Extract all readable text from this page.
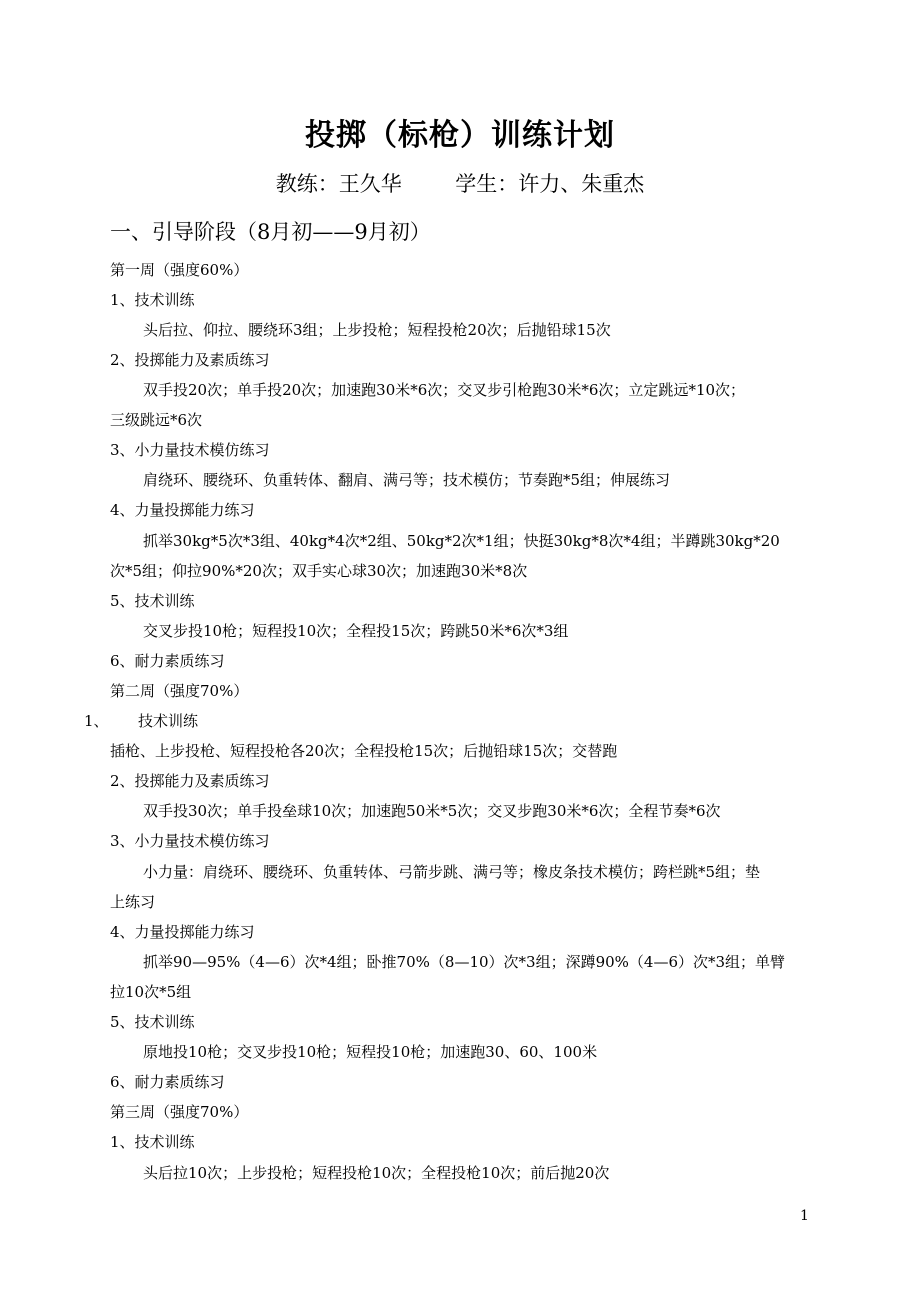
投掷（标枪）训练计划
教练：王久华        学生：许力、朱重杰
一、引导阶段（8月初——9月初）
第一周（强度60%）
1、技术训练
头后拉、仰拉、腰绕环3组；上步投枪；短程投枪20次；后抛铅球15次
2、投掷能力及素质练习
双手投20次；单手投20次；加速跑30米*6次；交叉步引枪跑30米*6次；立定跳远*10次；
三级跳远*6次
3、小力量技术模仿练习
肩绕环、腰绕环、负重转体、翻肩、满弓等；技术模仿；节奏跑*5组；伸展练习
4、力量投掷能力练习
抓举30kg*5次*3组、40kg*4次*2组、50kg*2次*1组；快挺30kg*8次*4组；半蹲跳30kg*20
次*5组；仰拉90%*20次；双手实心球30次；加速跑30米*8次
5、技术训练
交叉步投10枪；短程投10次；全程投15次；跨跳50米*6次*3组
6、耐力素质练习
第二周（强度70%）
1、 技术训练
插枪、上步投枪、短程投枪各20次；全程投枪15次；后抛铅球15次；交替跑
2、投掷能力及素质练习
双手投30次；单手投垒球10次；加速跑50米*5次；交叉步跑30米*6次；全程节奏*6次
3、小力量技术模仿练习
小力量：肩绕环、腰绕环、负重转体、弓箭步跳、满弓等；橡皮条技术模仿；跨栏跳*5组；垫
上练习
4、力量投掷能力练习
抓举90—95%（4—6）次*4组；卧推70%（8—10）次*3组；深蹲90%（4—6）次*3组；单臂
拉10次*5组
5、技术训练
原地投10枪；交叉步投10枪；短程投10枪；加速跑30、60、100米
6、耐力素质练习
第三周（强度70%）
1、技术训练
头后拉10次；上步投枪；短程投枪10次；全程投枪10次；前后抛20次
1
